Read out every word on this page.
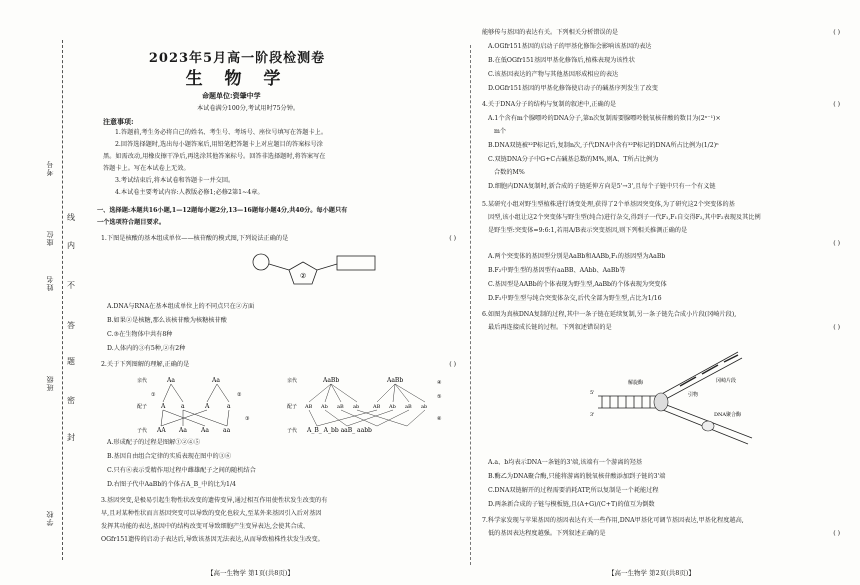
考号
座位
姓名
班级
学校
线
内
不
答
题
密
封
2023年5月高一阶段检测卷
生 物 学
命题单位:资肇中学
本试卷满分100分,考试用时75分钟。
注意事项:
1.答题前,考生务必将自己的姓名、考生号、考场号、座位号填写在答题卡上。
2.回答选择题时,选出每小题答案后,用铅笔把答题卡上对应题目的答案标号涂
黑。如需改动,用橡皮擦干净后,再选涂其他答案标号。回答非选择题时,将答案写在
答题卡上。写在本试卷上无效。
3.考试结束后,将本试卷和答题卡一并交回。
4.本试卷主要考试内容:人教版必修1;必修2第1~4章。
一、选择题:本题共16小题,1—12题每小题2分,13—16题每小题4分,共40分。每小题只有
一个选项符合题目要求。
1.下图是核酸的基本组成单位——核苷酸的模式图,下列说法正确的是	( )
②
A.DNA与RNA在基本组成单位上的不同点只在②方面
B.如果②是核糖,那么该核苷酸为核糖核苷酸
C.③在生物体中共有8种
D.人体内的③有5种,②有2种
2.关于下列图解的理解,正确的是	( )
亲代	Aa	Aa
配子 A	a	A	a
子代 AA Aa Aa aa
①	②
③
亲代	AaBb	AaBb
配子 AB Ab aB ab	AB Ab aB ab
子代 A_B_ A_bb aaB_ aabb
④
⑤
⑥
A.形成配子的过程是图解①②④⑤
B.基因自由组合定律的实质表现在图中的③⑥
C.只有⑥表示受精作用过程中雌雄配子之间的随机结合
D.右图子代中AaBb的个体占A_B_中的比为1/4
3.基因突变,是极易引起生物性状改变的遗传变异,通过相互作用使性状发生改变的有
早,且对某种性状而言基因突变可以导致的变化也较大,至某外来基因引入后对基因
发挥其功能的表达,基因中的结构改变可导致细胞产生变异表达,会使其合成、
OGfr151遗传的启动子表达后,导致该基因无法表达,从而导致植株性状发生改变。
【高一生物学 第1页(共8页)】
能够传与基因的表达有关。下列相关分析错误的是	( )
A.OGfr151基因的启动子的甲基化修饰会影响该基因的表达
B.在低OGfr151基因甲基化修饰后,植株表现为该性状
C.该基因表达的产物与其他基因形成相应的表达
D.OGfr151基因的甲基化修饰使启动子的碱基序列发生了改变
4.关于DNA分子的结构与复制的叙述中,正确的是	( )
A.1个含有m个腺嘌呤的DNA分子,第n次复制需要腺嘌呤脱氧核苷酸的数目为(2ⁿ⁻¹)×
m个
B.DNA双链被³²P标记后,复制n次,子代DNA中含有³²P标记的DNA所占比例为(1/2)ⁿ
C.双链DNA分子中G+C占碱基总数的M%,则A、T所占比例为
合数的M%
D.细胞内DNA复制时,新合成的子链延伸方向是5'→3',且每个子链中只有一个有义链
5.某研究小组对野生型植株进行诱变处理,获得了2个单基因突变体,为了研究这2个突变体的基
因型,该小组让这2个突变体与野生型(纯合)进行杂交,得到子一代F₁,F₁自交得F₂,其中F₂表现及其比例
是野生型:突变体=9:6:1,若用A/B表示突变基因,则下列相关推测正确的是
( )
A.两个突变体的基因型分别是AaBb和AABb,F₁的基因型为AaBb
B.F₂中野生型的基因型有aaBB、AAbb、AaBb等
C.基因型是AABb的个体表现为野生型,AaBb的个体表现为突变体
D.F₂中野生型与纯合突变体杂交,后代全部为野生型,占比为1/16
6.如图为真核DNA复制的过程,其中一条子链在延续复制,另一条子链先合成小片段(冈崎片段),
最后再连接成长链的过程。下列叙述错误的是	( )
解旋酶
DNA聚合酶
引物
冈崎片段
5'
3'
A.a、b均表示DNA一条链的3'端,该端有一个游离的羟基
B.酶乙为DNA聚合酶,只能将游离的脱氧核苷酸添加到子链的3'端
C.DNA双链解开的过程需要消耗ATP,所以复制是一个耗能过程
D.两条新合成的子链与模板链,且(A+G)/(C+T)的值互为倒数
7.科学家发现与苹果基因的基因表达有关一些作用,DNA甲基化可调节基因表达,甲基化程度越高,
低的基因表达程度越强。下列叙述正确的是	( )
【高一生物学 第2页(共8页)】
